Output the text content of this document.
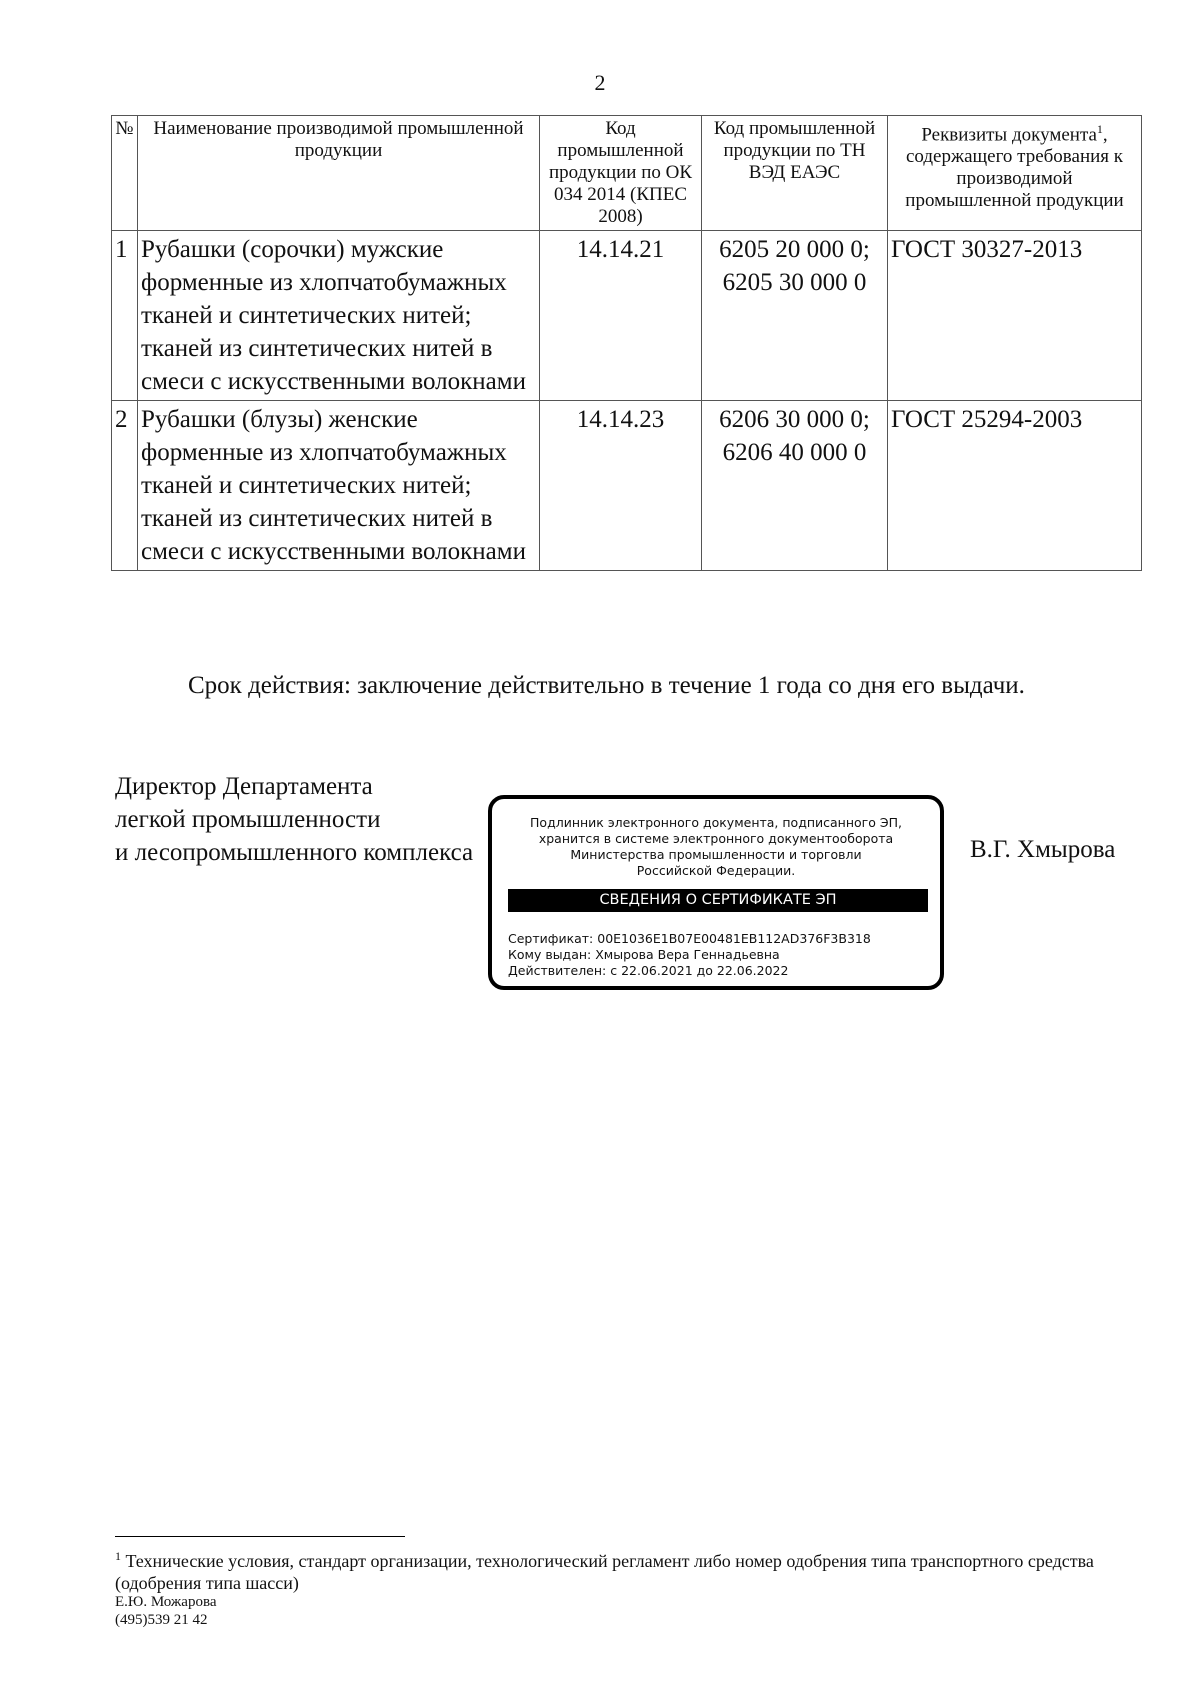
2
№	Наименование производимой промышленной продукции	Код промышленной продукции по ОК 034 2014 (КПЕС 2008)	Код промышленной продукции по ТН ВЭД ЕАЭС	Реквизиты документа$^1$, содержащего требования к производимой промышленной продукции
1	Рубашки (сорочки) мужские форменные из хлопчатобумажных тканей и синтетических нитей; тканей из синтетических нитей в смеси с искусственными волокнами	14.14.21	6205 20 000 0; 6205 30 000 0	ГОСТ 30327-2013
2	Рубашки (блузы) женские форменные из хлопчатобумажных тканей и синтетических нитей; тканей из синтетических нитей в смеси с искусственными волокнами	14.14.23	6206 30 000 0; 6206 40 000 0	ГОСТ 25294-2003
Срок действия: заключение действительно в течение 1 года со дня его выдачи.
Директор Департамента
легкой промышленности
и лесопромышленного комплекса
Подлинник электронного документа, подписанного ЭП,
хранится в системе электронного документооборота
Министерства промышленности и торговли
Российской Федерации.
СВЕДЕНИЯ О СЕРТИФИКАТЕ ЭП
Сертификат: 00E1036E1B07E00481EB112AD376F3B318
Кому выдан: Хмырова Вера Геннадьевна
Действителен: с 22.06.2021 до 22.06.2022
В.Г. Хмырова
$^1$ Технические условия, стандарт организации, технологический регламент либо номер одобрения типа транспортного средства (одобрения типа шасси)
Е.Ю. Можарова
(495)539 21 42
